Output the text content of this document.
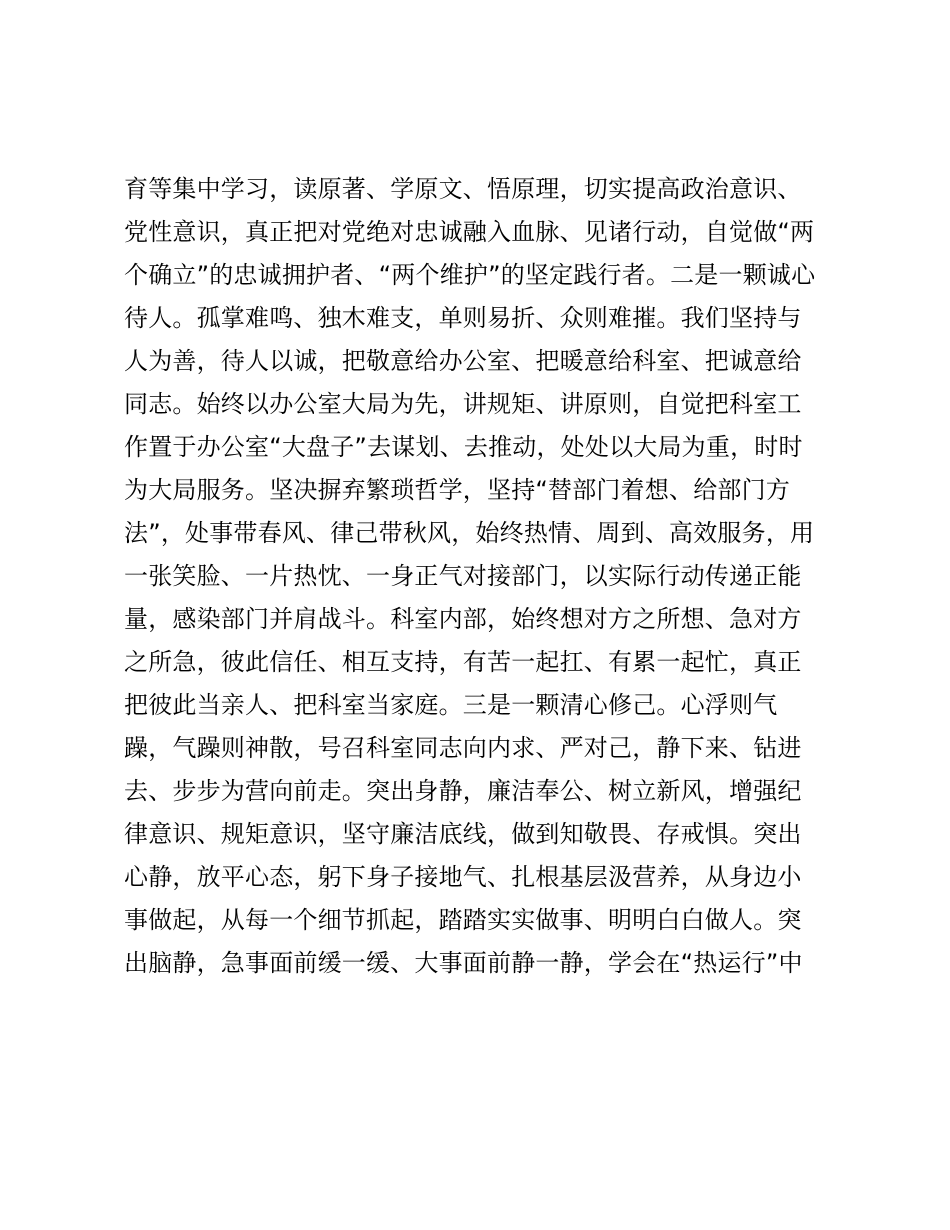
育等集中学习，读原著、学原文、悟原理，切实提高政治意识、
党性意识，真正把对党绝对忠诚融入血脉、见诸行动，自觉做“两
个确立”的忠诚拥护者、“两个维护”的坚定践行者。二是一颗诚心
待人。孤掌难鸣、独木难支，单则易折、众则难摧。我们坚持与
人为善，待人以诚，把敬意给办公室、把暖意给科室、把诚意给
同志。始终以办公室大局为先，讲规矩、讲原则，自觉把科室工
作置于办公室“大盘子”去谋划、去推动，处处以大局为重，时时
为大局服务。坚决摒弃繁琐哲学，坚持“替部门着想、给部门方
法”，处事带春风、律己带秋风，始终热情、周到、高效服务，用
一张笑脸、一片热忱、一身正气对接部门，以实际行动传递正能
量，感染部门并肩战斗。科室内部，始终想对方之所想、急对方
之所急，彼此信任、相互支持，有苦一起扛、有累一起忙，真正
把彼此当亲人、把科室当家庭。三是一颗清心修己。心浮则气
躁，气躁则神散，号召科室同志向内求、严对己，静下来、钻进
去、步步为营向前走。突出身静，廉洁奉公、树立新风，增强纪
律意识、规矩意识，坚守廉洁底线，做到知敬畏、存戒惧。突出
心静，放平心态，躬下身子接地气、扎根基层汲营养，从身边小
事做起，从每一个细节抓起，踏踏实实做事、明明白白做人。突
出脑静，急事面前缓一缓、大事面前静一静，学会在“热运行”中
